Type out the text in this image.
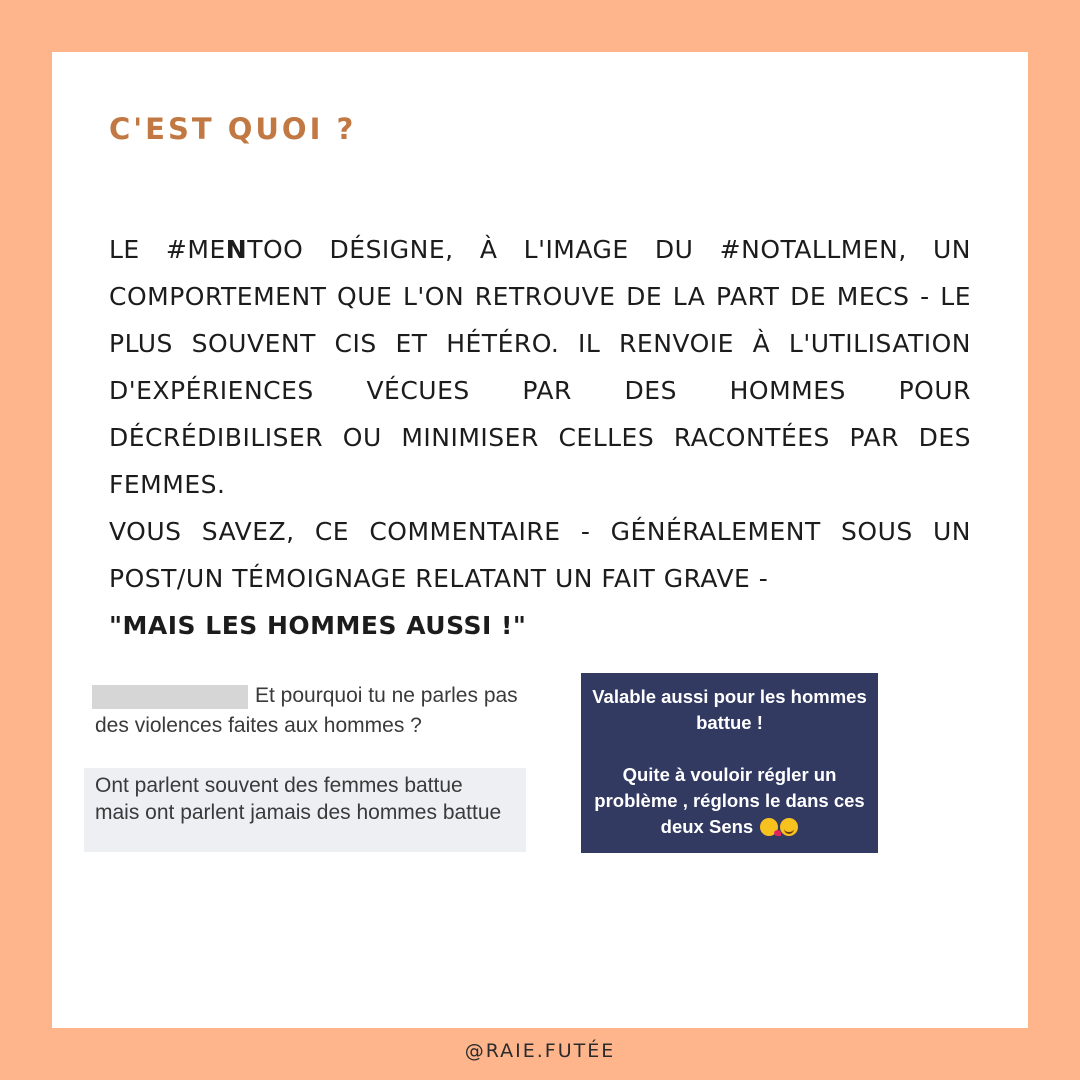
C'EST QUOI ?

LE #MENTOO DÉSIGNE, À L'IMAGE DU #NOTALLMEN, UN COMPORTEMENT QUE L'ON RETROUVE DE LA PART DE MECS - LE PLUS SOUVENT CIS ET HÉTÉRO. IL RENVOIE À L'UTILISATION D'EXPÉRIENCES VÉCUES PAR DES HOMMES POUR DÉCRÉDIBILISER OU MINIMISER CELLES RACONTÉES PAR DES FEMMES.

VOUS SAVEZ, CE COMMENTAIRE - GÉNÉRALEMENT SOUS UN POST/UN TÉMOIGNAGE RELATANT UN FAIT GRAVE -

"MAIS LES HOMMES AUSSI !"

Et pourquoi tu ne parles pas des violences faites aux hommes ?
Ont parlent souvent des femmes battue mais ont parlent jamais des hommes battue
Valable aussi pour les hommes battue !
Quite à vouloir régler un problème , réglons le dans ces deux Sens
@RAIE.FUTÉE
